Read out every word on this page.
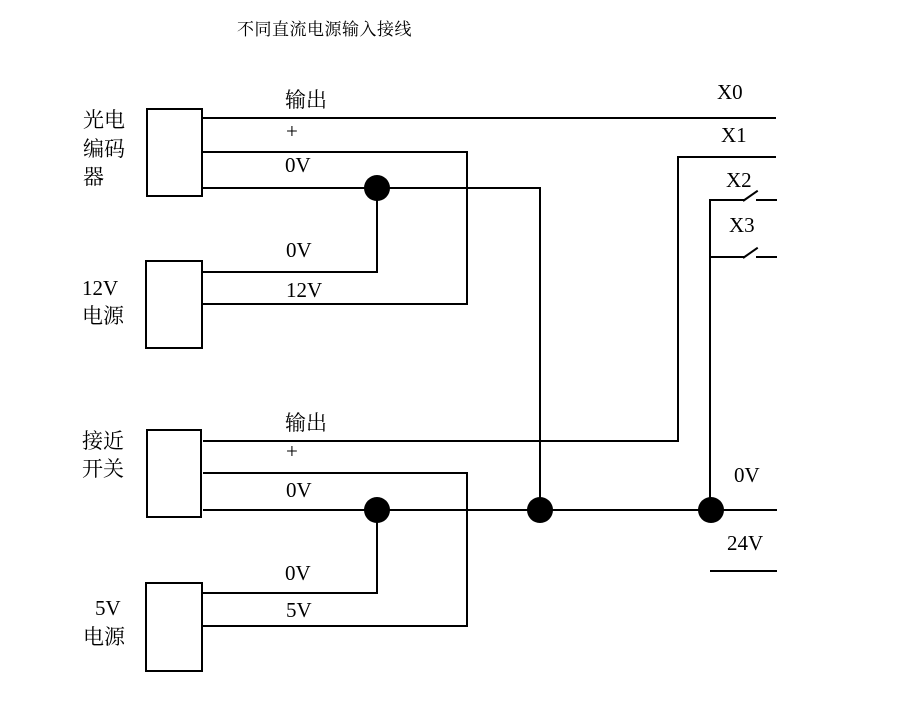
不同直流电源输入接线
光电
编码
器
12V
电源
接近
开关
5V
电源
输出
+
0V
0V
12V
输出
+
0V
0V
5V
X0
X1
X2
X3
0V
24V
